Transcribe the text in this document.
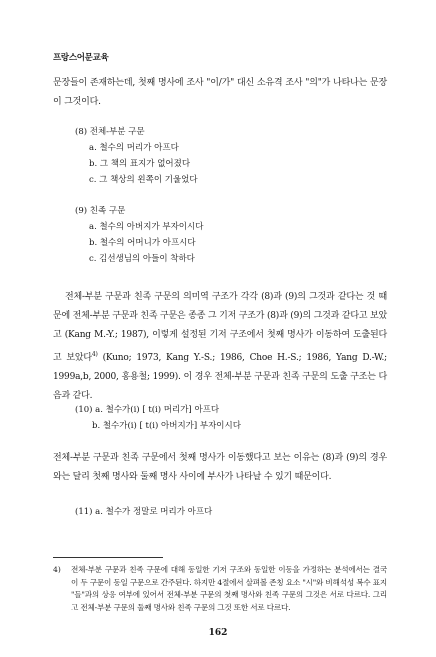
프랑스어문교육

문장들이 존재하는데, 첫째 명사에 조사 "이/가" 대신 소유격 조사 "의"가 나타나는 문장이 그것이다.

(8) 전체-부분 구문
a. 철수의 머리가 아프다
b. 그 책의 표지가 없어졌다
c. 그 책상의 왼쪽이 기울었다
(9) 친족 구문
a. 철수의 아버지가 부자이시다
b. 철수의 어머니가 아프시다
c. 김선생님의 아들이 착하다

전체-부분 구문과 친족 구문의 의미역 구조가 각각 (8)과 (9)의 그것과 같다는 것 때문에 전체-부분 구문과 친족 구문은 종종 그 기저 구조가 (8)과 (9)의 그것과 같다고 보았고 (Kang M.-Y.; 1987), 이렇게 설정된 기저 구조에서 첫째 명사가 이동하여 도출된다고 보았다$^{4)}$ (Kuno; 1973, Kang Y.-S.; 1986, Choe H.-S.; 1986, Yang D.-W.; 1999a,b, 2000, 홍용철; 1999). 이 경우 전체-부분 구문과 친족 구문의 도출 구조는 다음과 같다.

(10) a. 철수가(i) [ t(i) 머리가] 아프다
b. 철수가(i) [ t(i) 아버지가] 부자이시다

전체-부분 구문과 친족 구문에서 첫째 명사가 이동했다고 보는 이유는 (8)과 (9)의 경우와는 달리 첫째 명사와 둘째 명사 사이에 부사가 나타날 수 있기 때문이다.

(11) a. 철수가 정말로 머리가 아프다
4) 전체-부분 구문과 친족 구문에 대해 동일한 기저 구조와 동일한 이동을 가정하는 분석에서는 결국 이 두 구문이 동일 구문으로 간주된다. 하지만 4절에서 살펴볼 존칭 요소 "시"와 비해석성 복수 표지 "들"과의 상응 여부에 있어서 전체-부분 구문의 첫째 명사와 친족 구문의 그것은 서로 다르다. 그리고 전체-부분 구문의 둘째 명사와 친족 구문의 그것 또한 서로 다르다.
162
